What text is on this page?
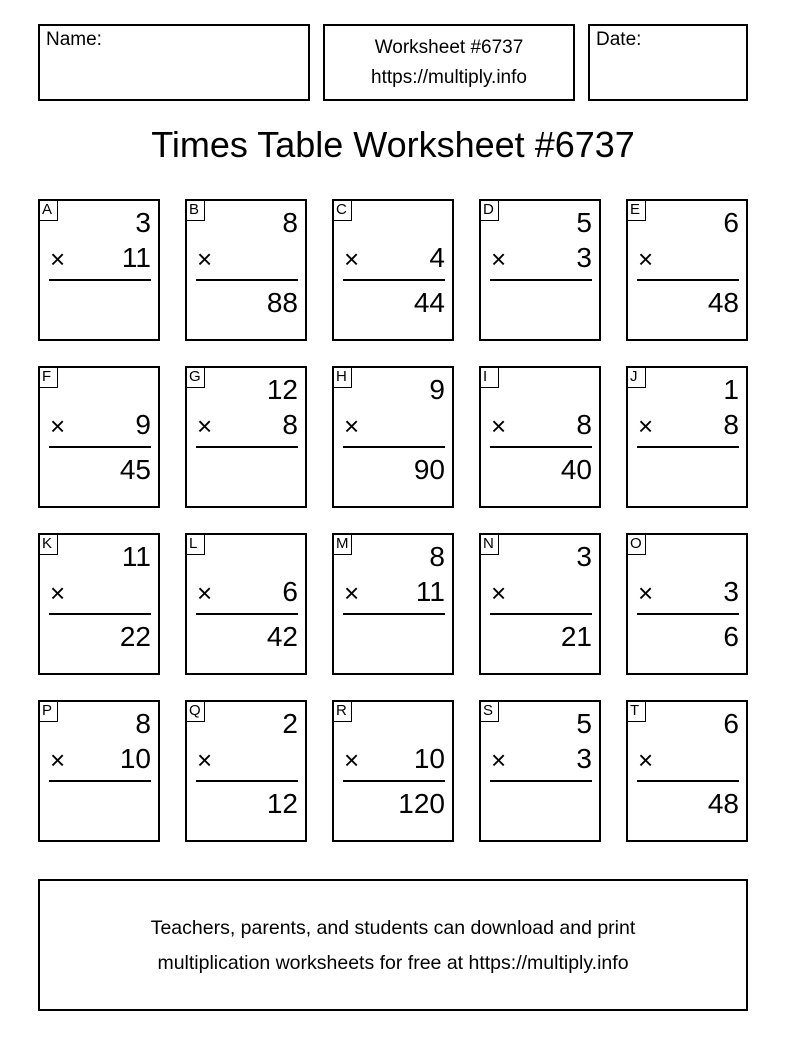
Name:	Worksheet #6737
https://multiply.info
Date:
Times Table Worksheet #6737
A	3
× 11
B	8
×
88
C
×	4
44
D	5
×	3
E	6
×
48
F
×	9
45
G 12
×	8
H	9
×
90
I
×	8
40
J	1
×	8
K 11
×
22
L
×	6
42
M	8
× 11
N	3
×
21
O
×	3
6
P	8
× 10
Q	2
×
12
R
× 10
120
S	5
×	3
T	6
×
48
Teachers, parents, and students can download and print
multiplication worksheets for free at https://multiply.info
